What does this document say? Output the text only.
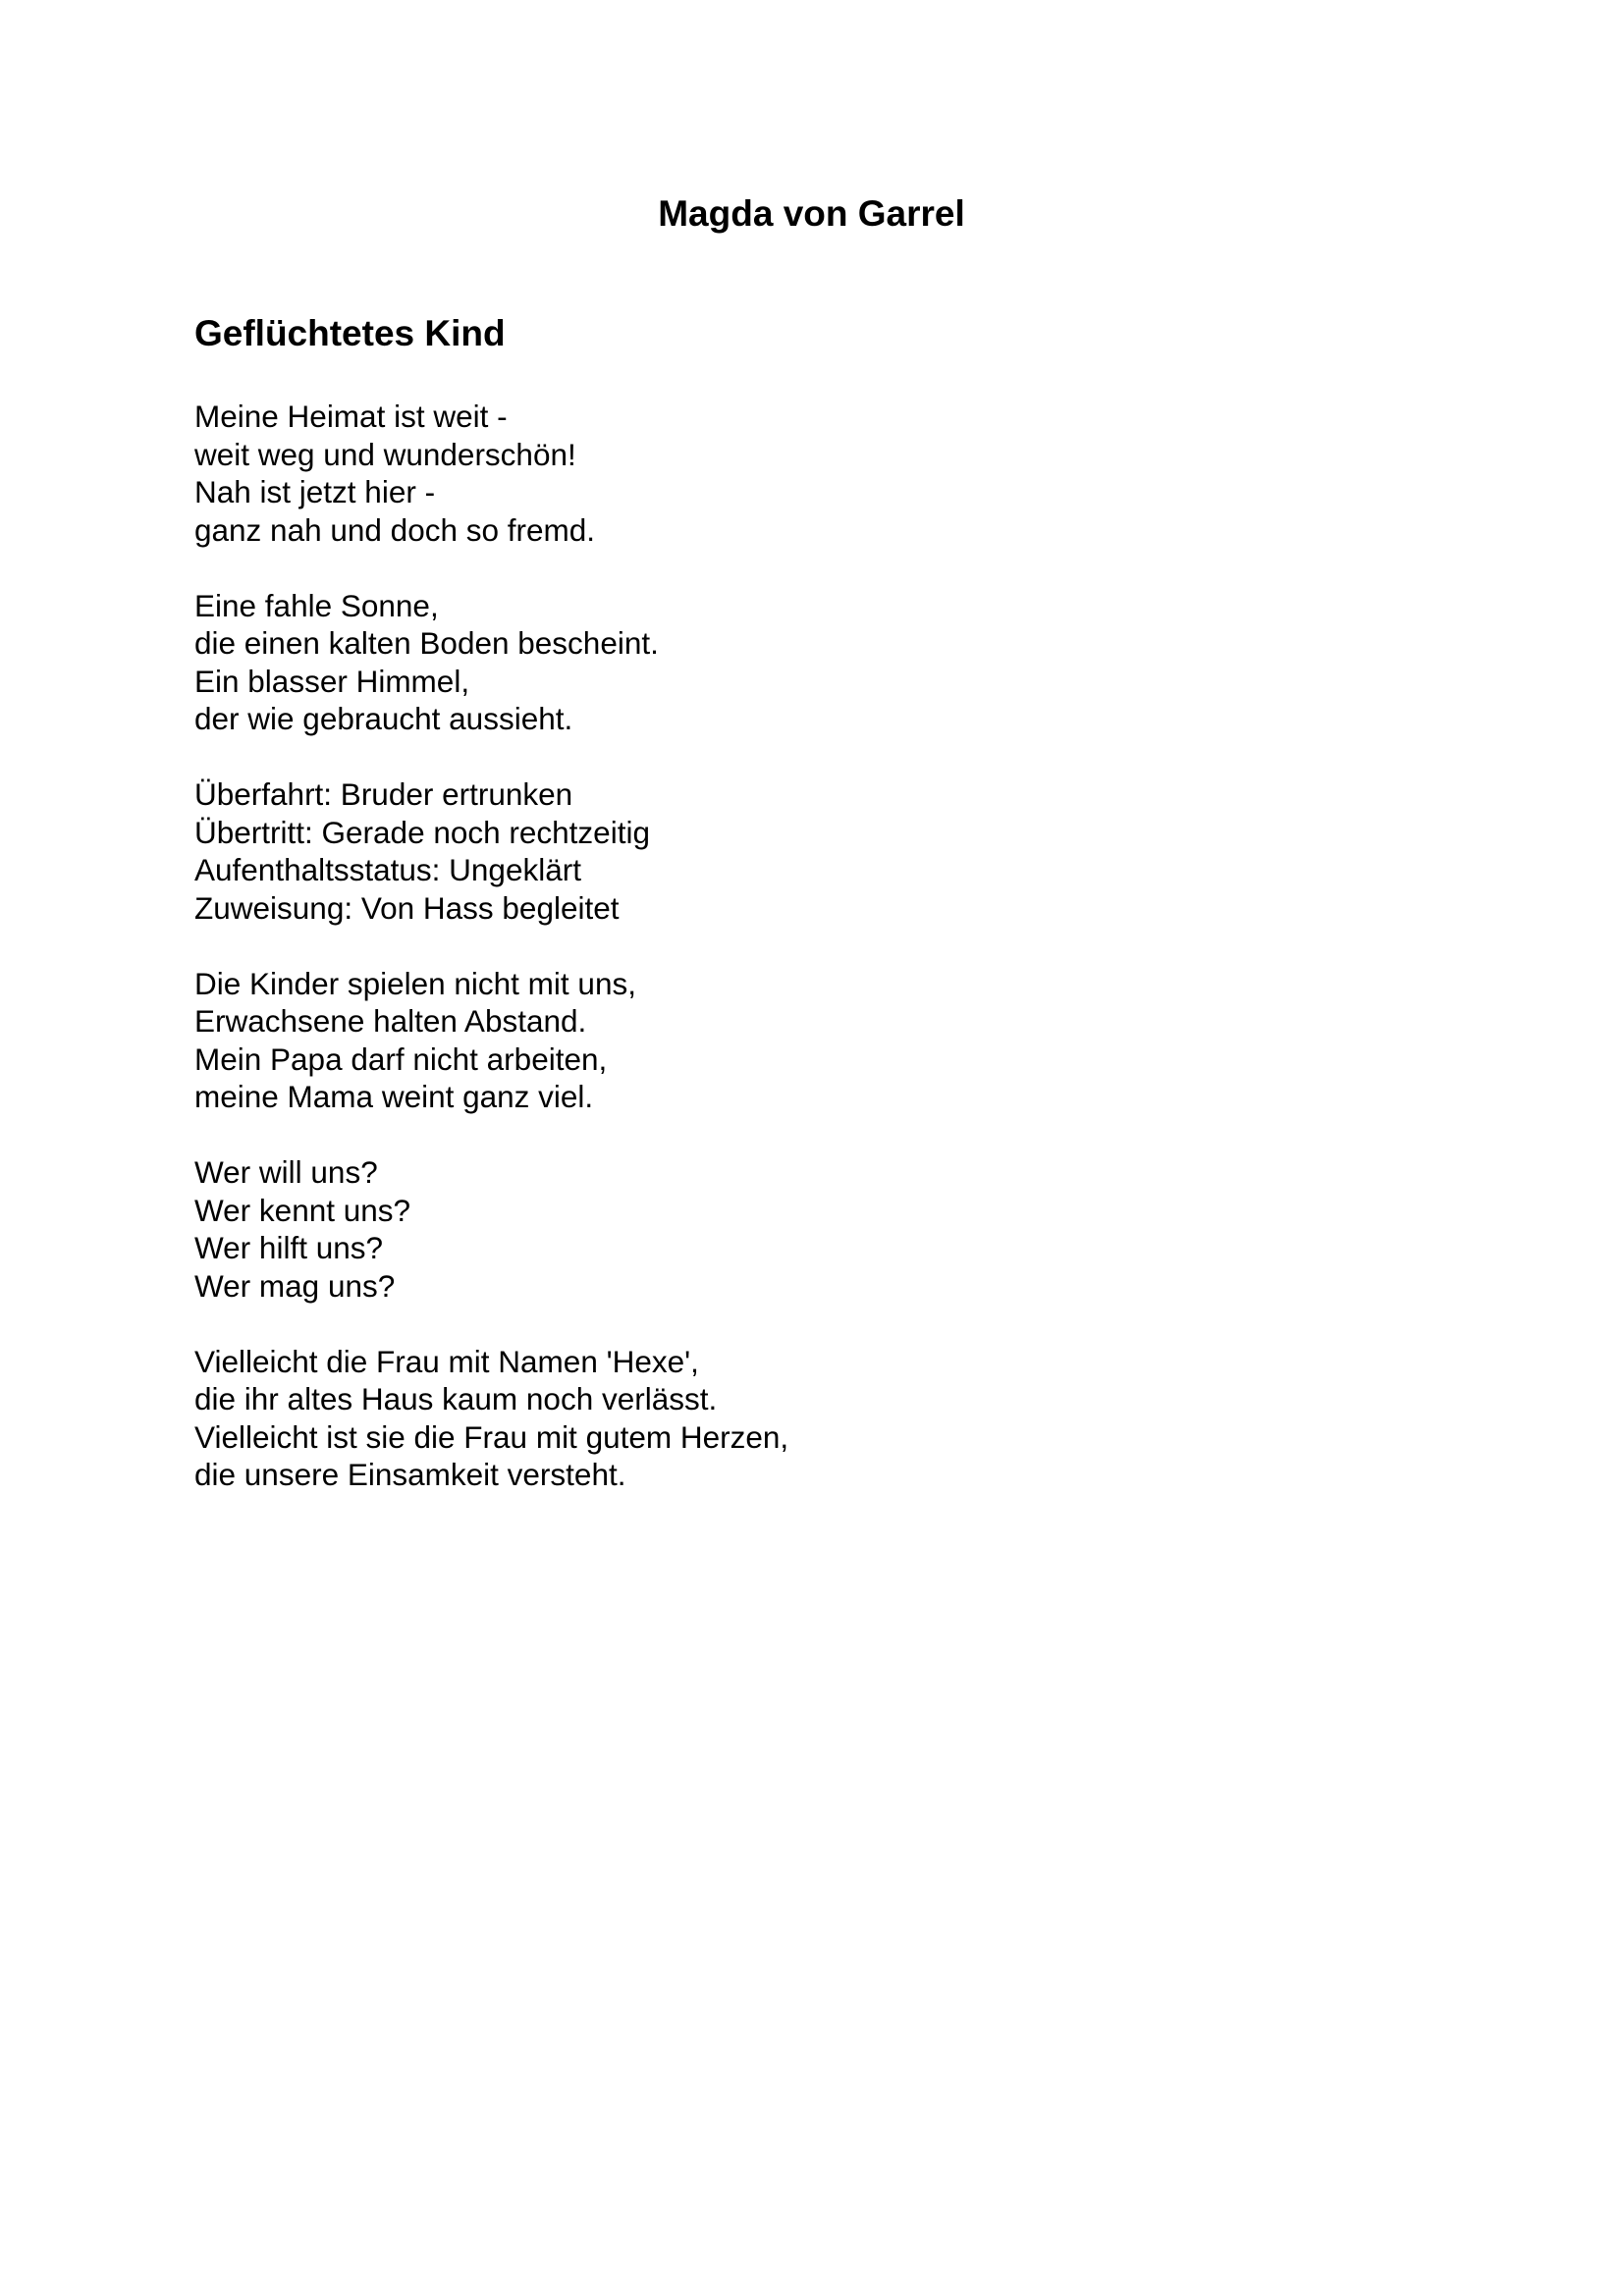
Magda von Garrel
Geflüchtetes Kind
Meine Heimat ist weit -
weit weg und wunderschön!
Nah ist jetzt hier -
ganz nah und doch so fremd.
Eine fahle Sonne,
die einen kalten Boden bescheint.
Ein blasser Himmel,
der wie gebraucht aussieht.
Überfahrt: Bruder ertrunken
Übertritt: Gerade noch rechtzeitig
Aufenthaltsstatus: Ungeklärt
Zuweisung: Von Hass begleitet
Die Kinder spielen nicht mit uns,
Erwachsene halten Abstand.
Mein Papa darf nicht arbeiten,
meine Mama weint ganz viel.
Wer will uns?
Wer kennt uns?
Wer hilft uns?
Wer mag uns?
Vielleicht die Frau mit Namen 'Hexe',
die ihr altes Haus kaum noch verlässt.
Vielleicht ist sie die Frau mit gutem Herzen,
die unsere Einsamkeit versteht.
